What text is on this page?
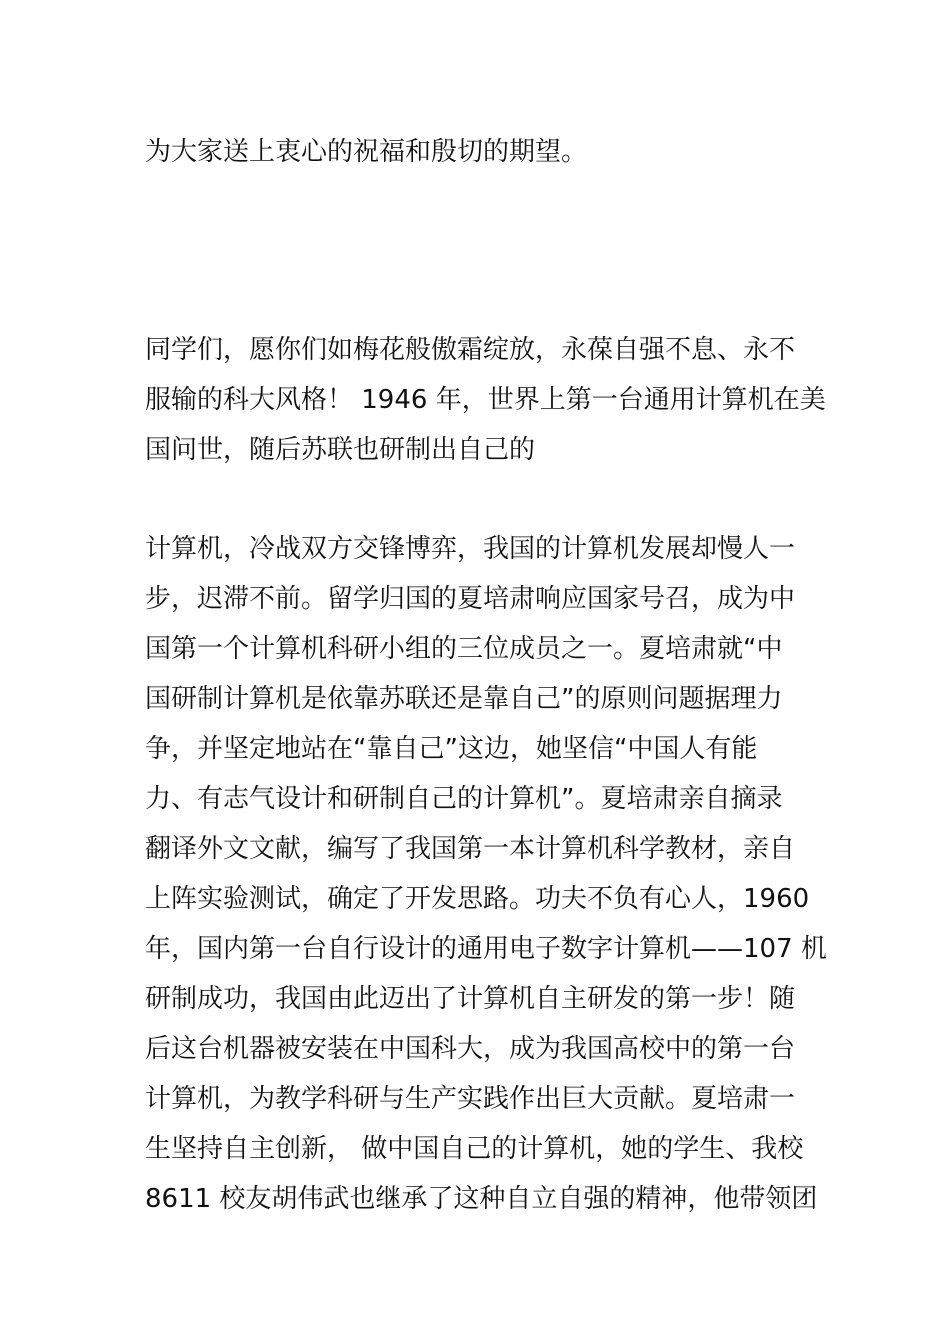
为大家送上衷心的祝福和殷切的期望。

同学们，愿你们如梅花般傲霜绽放，永葆自强不息、永不

服输的科大风格！ 1946 年，世界上第一台通用计算机在美

国问世，随后苏联也研制出自己的

计算机，冷战双方交锋博弈，我国的计算机发展却慢人一

步，迟滞不前。留学归国的夏培肃响应国家号召，成为中

国第一个计算机科研小组的三位成员之一。夏培肃就“中

国研制计算机是依靠苏联还是靠自己”的原则问题据理力

争，并坚定地站在“靠自己”这边，她坚信“中国人有能

力、有志气设计和研制自己的计算机”。夏培肃亲自摘录

翻译外文文献，编写了我国第一本计算机科学教材，亲自

上阵实验测试，确定了开发思路。功夫不负有心人，1960

年，国内第一台自行设计的通用电子数字计算机——107 机

研制成功，我国由此迈出了计算机自主研发的第一步！随

后这台机器被安装在中国科大，成为我国高校中的第一台

计算机，为教学科研与生产实践作出巨大贡献。夏培肃一

生坚持自主创新， 做中国自己的计算机，她的学生、我校

8611 校友胡伟武也继承了这种自立自强的精神，他带领团
